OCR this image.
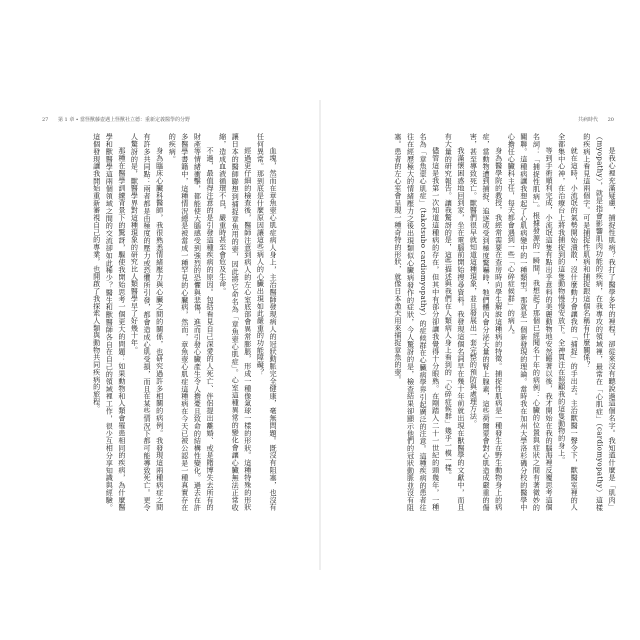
27 第 1 章 ∙ 當怪獸藤壺遇上怪獸社立德：重新定義醫學的分野

血塊，然而在章魚壺心肌症病人身上，主治醫師發現病人的冠狀動脈完全健康，毫無問題。既沒有阻塞，也沒有任何異常。那到底是什麼原因讓這些病人的心臟出現如此嚴重的功能障礙？

經過更仔細的檢查後，醫師注意到病人的左心室底部會異常膨脹，形成一種像氣球一樣的形狀。這種特殊的形狀讓日本的醫師聯想到捕捉章魚用的壺，因此將它命名為「章魚壺心肌症」。心室這種異常的變化會讓心臟無法正常收縮，造成血液循環不良，嚴重時甚至會危及生命。

不過，最值得注意的是引發這種疾病的原因。包括看見自己深愛的人死亡、伴侶提出離婚、或是賭博失去所有的財產等情緒衝擊，都能使大腦感受到強烈的恐懼與悲傷，進而引發心臟產生令人擔憂且致命的結構性變化。過去在許多醫學書籍中，這種情況總是被當成一種罕見的心臟病，然而，章魚壺心肌症這種病在今天已被公認是一種真實存在的疾病。

身為臨床心臟科醫師，我很熟悉情緒壓力與心臟之間的關係，也研究過許多相關的病例。我發現這兩種病症之間有許多共同點：兩者都是由極度的壓力或恐懼所引發，都會造成心肌受損，而且在某些情況下都可能導致死亡。更令人驚訝的是，獸醫學界對這種現象的研究比人類醫學早了好幾十年。

那種在醫學訓練背景下的驚訝，驅使我開始思考一個更大的問題：如果動物和人類會罹患相同的疾病，為什麼醫學和獸醫學這兩個領域之間的交流卻如此稀少？醫生和獸醫師各自在自己的領域裡工作，很少互相分享知識與經驗。這個發現讓我開始重新審視自己的專業，也開啟了我探索人類與動物共同疾病的旅程。

共病時代 20

是我心裡充滿疑慮，捕捉性肌病？我打了醫學多年的裡程，卻從來沒有聽說過這個名字。我知道什麼是「肌肉」（myopathy），就是指會影響肌肉功能的疾病，在我專攻的領域裡，最常在「心肌症」（cardiomyopathy）這樣的疾病上看見這兩個字。可是捕捉性肌病和捕捉跟這個名稱有什麼關係？

就在這時，小流氓的氣勢開始潰散，沒什麼動力會讓我的「捕捉」的手出去。主治獸醫一聲令下，獸醫室裡的人全都集中心神，在治療台上將我捕捉到的這隻動物慢慢安放下。全神貫注在照顧我的這隻動物的身上。

等到手術順利完成，小流氓這隻有點出乎意料的美麗動物地安然睡著以後，我才開始在我的腦海裡反覆思考這個名詞：「捕捉性肌病」。根據發源的一瞬間，我想起了那個已經聞名十年的病例：心臟的位置與症狀之間有著微妙的關聯。這種病讓我想起了心肌病變中的一種類型，那就是一個新發現的理論。當時我在加州大學洛杉磯分校的醫學中心擔任心臟科主任，每天都會遇到一些「心碎症候群」的病人。

身為醫學院的教授，我經常需要在查房時向學生解說這種病的特徵。捕捉性肌病是一種發生在野生動物身上的病症，當動物遭到捕捉、追逐或受到極度驚嚇時，牠們體內會分泌大量的腎上腺素，這些荷爾蒙會對心肌造成嚴重的傷害，甚至導致死亡。獸醫們很早就知道這種現象，並且發展出一套完整的預防與處理方法。

我滿懷困惑地回到家，坐在電腦前開始搜尋資料。我發現這個名詞早在幾十年前就出現在獸醫學的文獻中，而且有大量的研究報告。讓我驚訝的是，這些描述與我們在人類病人身上看到的「心碎症候群」幾乎一模一樣。

儘管這是我第一次知道這種病的存在，但其中有部分卻讓我覺得十分眼熟。在剛踏入二十一世紀的頭幾年，一種名為「章魚壺心肌症」（takotsubo cardiomyopathy）的症候群在心臟病學界引起廣泛的注意。這種疾病的患者往往在經歷極大的情緒壓力之後出現類似心臟病發作的症狀，今人驚訝的是，檢查結果卻顯示他們的冠狀動脈並沒有阻塞。患者的左心室會呈現一種奇特的形狀，就像日本漁夫用來捕捉章魚的壺。
